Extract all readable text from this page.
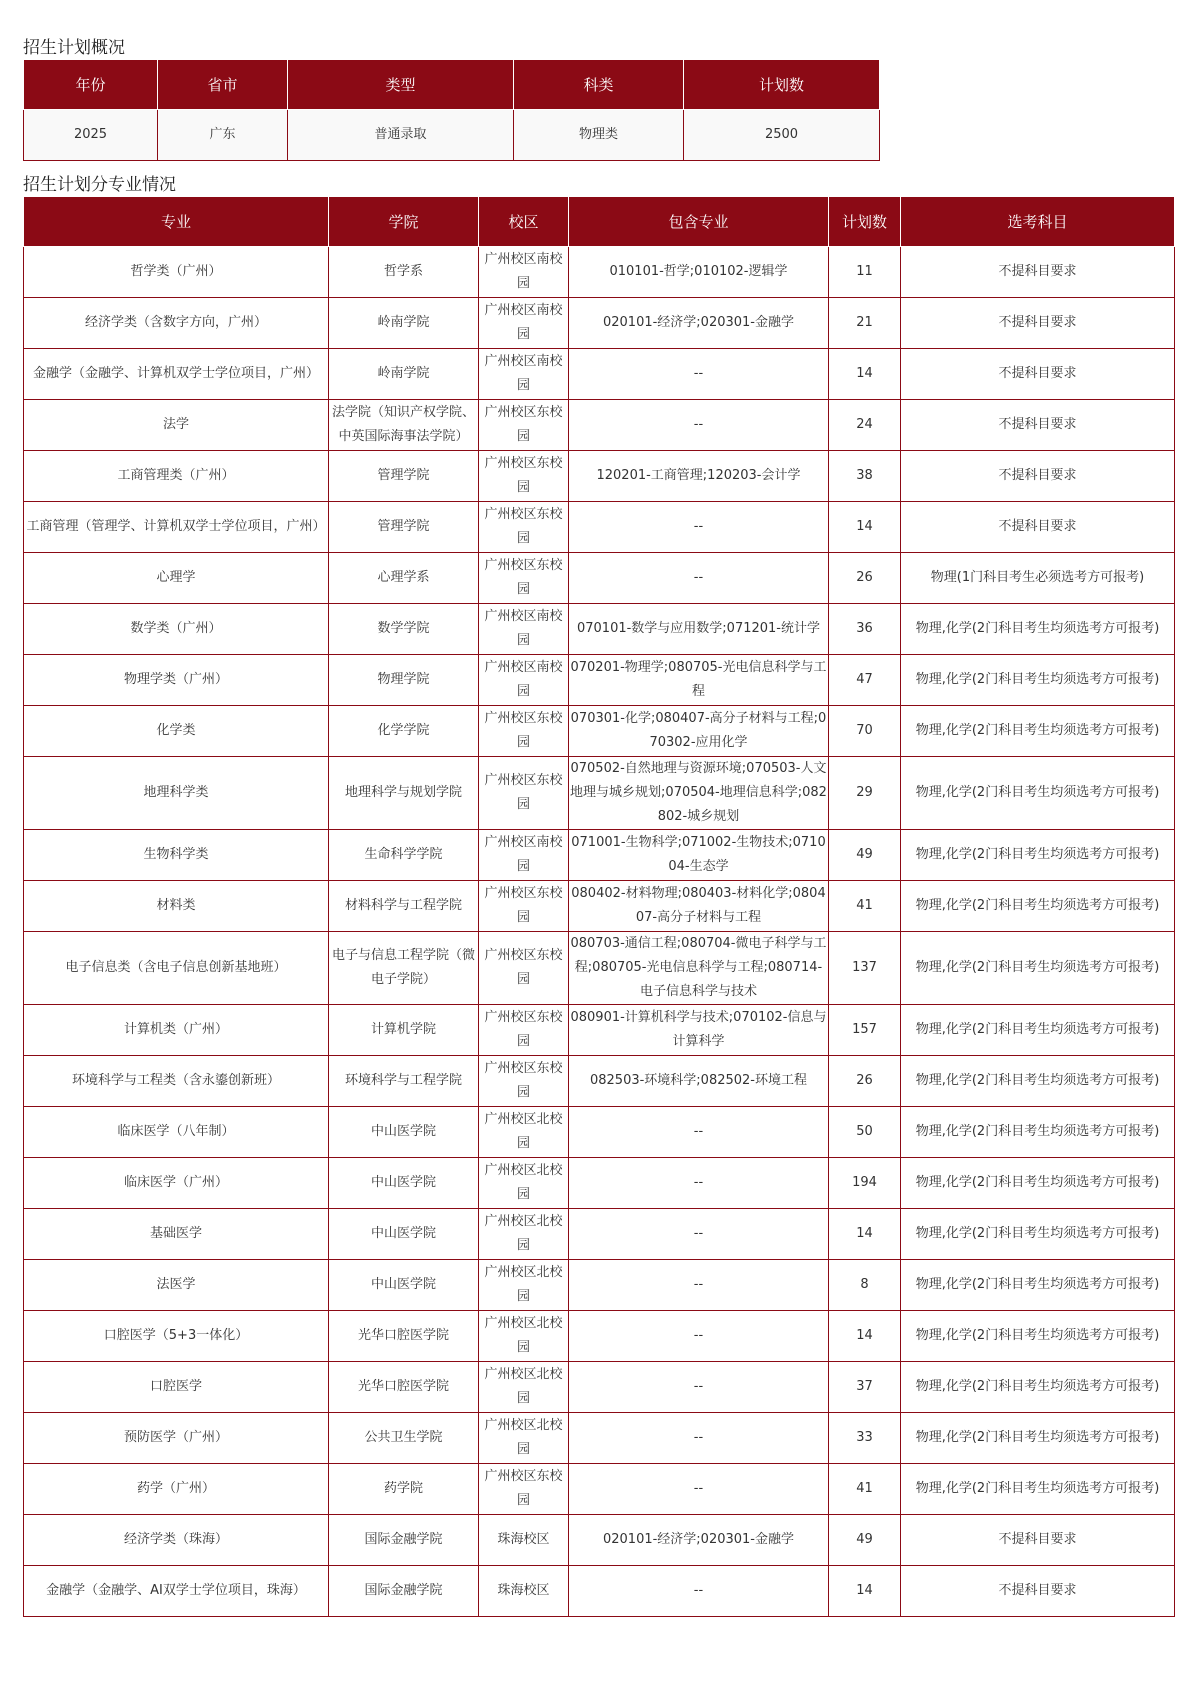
招生计划概况
年份	省市	类型	科类	计划数
2025	广东	普通录取	物理类	2500
招生计划分专业情况
专业	学院	校区	包含专业	计划数	选考科目
哲学类（广州）	哲学系	广州校区南校园	010101-哲学;010102-逻辑学	11	不提科目要求
经济学类（含数字方向，广州）	岭南学院	广州校区南校园	020101-经济学;020301-金融学	21	不提科目要求
金融学（金融学、计算机双学士学位项目，广州）	岭南学院	广州校区南校园	--	14	不提科目要求
法学	法学院（知识产权学院、中英国际海事法学院）	广州校区东校园	--	24	不提科目要求
工商管理类（广州）	管理学院	广州校区东校园	120201-工商管理;120203-会计学	38	不提科目要求
工商管理（管理学、计算机双学士学位项目，广州）	管理学院	广州校区东校园	--	14	不提科目要求
心理学	心理学系	广州校区东校园	--	26	物理(1门科目考生必须选考方可报考)
数学类（广州）	数学学院	广州校区南校园	070101-数学与应用数学;071201-统计学	36	物理,化学(2门科目考生均须选考方可报考)
物理学类（广州）	物理学院	广州校区南校园	070201-物理学;080705-光电信息科学与工程	47	物理,化学(2门科目考生均须选考方可报考)
化学类	化学学院	广州校区东校园	070301-化学;080407-高分子材料与工程;070302-应用化学	70	物理,化学(2门科目考生均须选考方可报考)
地理科学类	地理科学与规划学院	广州校区东校园	070502-自然地理与资源环境;070503-人文地理与城乡规划;070504-地理信息科学;082802-城乡规划	29	物理,化学(2门科目考生均须选考方可报考)
生物科学类	生命科学学院	广州校区南校园	071001-生物科学;071002-生物技术;071004-生态学	49	物理,化学(2门科目考生均须选考方可报考)
材料类	材料科学与工程学院	广州校区东校园	080402-材料物理;080403-材料化学;080407-高分子材料与工程	41	物理,化学(2门科目考生均须选考方可报考)
电子信息类（含电子信息创新基地班）	电子与信息工程学院（微电子学院）	广州校区东校园	080703-通信工程;080704-微电子科学与工程;080705-光电信息科学与工程;080714-电子信息科学与技术	137	物理,化学(2门科目考生均须选考方可报考)
计算机类（广州）	计算机学院	广州校区东校园	080901-计算机科学与技术;070102-信息与计算科学	157	物理,化学(2门科目考生均须选考方可报考)
环境科学与工程类（含永鎏创新班）	环境科学与工程学院	广州校区东校园	082503-环境科学;082502-环境工程	26	物理,化学(2门科目考生均须选考方可报考)
临床医学（八年制）	中山医学院	广州校区北校园	--	50	物理,化学(2门科目考生均须选考方可报考)
临床医学（广州）	中山医学院	广州校区北校园	--	194	物理,化学(2门科目考生均须选考方可报考)
基础医学	中山医学院	广州校区北校园	--	14	物理,化学(2门科目考生均须选考方可报考)
法医学	中山医学院	广州校区北校园	--	8	物理,化学(2门科目考生均须选考方可报考)
口腔医学（5+3一体化）	光华口腔医学院	广州校区北校园	--	14	物理,化学(2门科目考生均须选考方可报考)
口腔医学	光华口腔医学院	广州校区北校园	--	37	物理,化学(2门科目考生均须选考方可报考)
预防医学（广州）	公共卫生学院	广州校区北校园	--	33	物理,化学(2门科目考生均须选考方可报考)
药学（广州）	药学院	广州校区东校园	--	41	物理,化学(2门科目考生均须选考方可报考)
经济学类（珠海）	国际金融学院	珠海校区	020101-经济学;020301-金融学	49	不提科目要求
金融学（金融学、AI双学士学位项目，珠海）	国际金融学院	珠海校区	--	14	不提科目要求
